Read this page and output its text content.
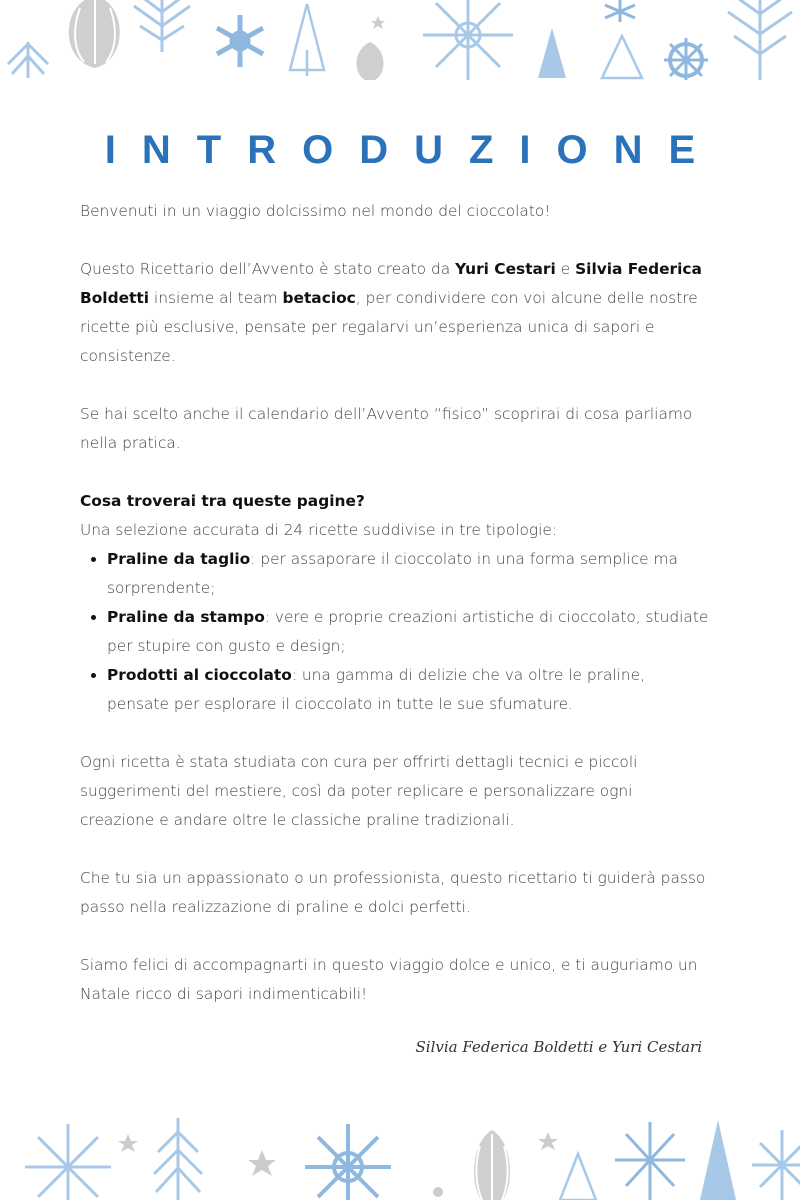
INTRODUZIONE

Benvenuti in un viaggio dolcissimo nel mondo del cioccolato!

Questo Ricettario dell’Avvento è stato creato da Yuri Cestari e Silvia Federica Boldetti insieme al team betacioc, per condividere con voi alcune delle nostre ricette più esclusive, pensate per regalarvi un’esperienza unica di sapori e consistenze.

Se hai scelto anche il calendario dell’Avvento “fisico” scoprirai di cosa parliamo nella pratica.

Cosa troverai tra queste pagine?

Una selezione accurata di 24 ricette suddivise in tre tipologie:

• Praline da taglio: per assaporare il cioccolato in una forma semplice ma sorprendente;
• Praline da stampo: vere e proprie creazioni artistiche di cioccolato, studiate per stupire con gusto e design;
• Prodotti al cioccolato: una gamma di delizie che va oltre le praline, pensate per esplorare il cioccolato in tutte le sue sfumature.

Ogni ricetta è stata studiata con cura per offrirti dettagli tecnici e piccoli suggerimenti del mestiere, così da poter replicare e personalizzare ogni creazione e andare oltre le classiche praline tradizionali.

Che tu sia un appassionato o un professionista, questo ricettario ti guiderà passo passo nella realizzazione di praline e dolci perfetti.

Siamo felici di accompagnarti in questo viaggio dolce e unico, e ti auguriamo un Natale ricco di sapori indimenticabili!

Silvia Federica Boldetti e Yuri Cestari
